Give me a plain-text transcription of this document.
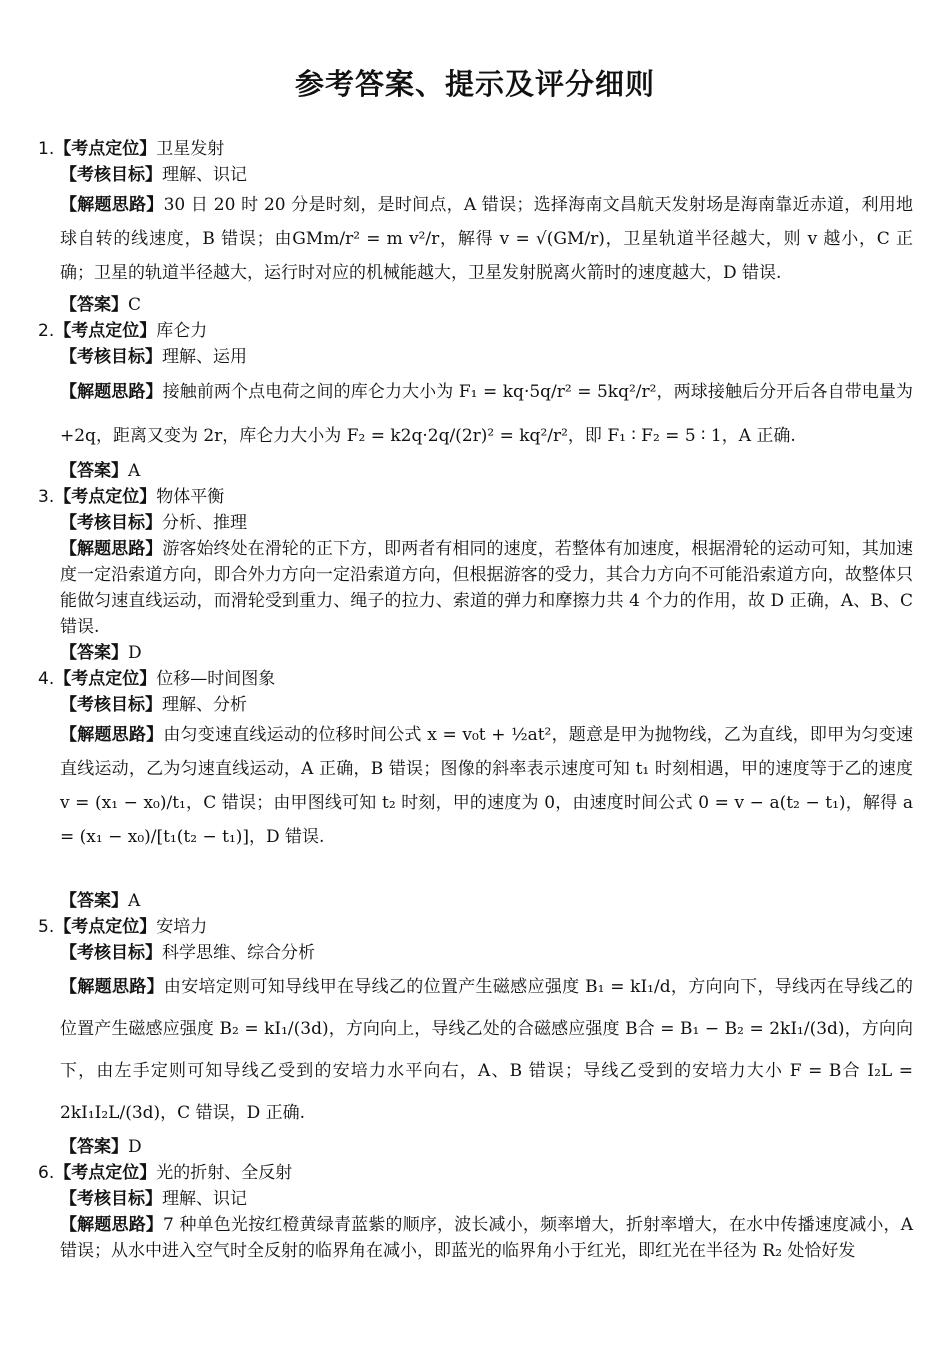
参考答案、提示及评分细则
1.【考点定位】卫星发射
【考核目标】理解、识记
【解题思路】30 日 20 时 20 分是时刻，是时间点，A 错误；选择海南文昌航天发射场是海南靠近赤道，利用地球自转的线速度，B 错误；由GMm/r² = m v²/r，解得 v = √(GM/r)，卫星轨道半径越大，则 v 越小，C 正确；卫星的轨道半径越大，运行时对应的机械能越大，卫星发射脱离火箭时的速度越大，D 错误.
【答案】C
2.【考点定位】库仑力
【考核目标】理解、运用
【解题思路】接触前两个点电荷之间的库仑力大小为 F₁ = kq·5q/r² = 5kq²/r²，两球接触后分开后各自带电量为 +2q，距离又变为 2r，库仑力大小为 F₂ = k2q·2q/(2r)² = kq²/r²，即 F₁ ∶ F₂ = 5 ∶ 1，A 正确.
【答案】A
3.【考点定位】物体平衡
【考核目标】分析、推理
【解题思路】游客始终处在滑轮的正下方，即两者有相同的速度，若整体有加速度，根据滑轮的运动可知，其加速度一定沿索道方向，即合外力方向一定沿索道方向，但根据游客的受力，其合力方向不可能沿索道方向，故整体只能做匀速直线运动，而滑轮受到重力、绳子的拉力、索道的弹力和摩擦力共 4 个力的作用，故 D 正确，A、B、C 错误.
【答案】D
4.【考点定位】位移—时间图象
【考核目标】理解、分析
【解题思路】由匀变速直线运动的位移时间公式 x = v₀t + ½at²，题意是甲为抛物线，乙为直线，即甲为匀变速直线运动，乙为匀速直线运动，A 正确，B 错误；图像的斜率表示速度可知 t₁ 时刻相遇，甲的速度等于乙的速度 v = (x₁ − x₀)/t₁，C 错误；由甲图线可知 t₂ 时刻，甲的速度为 0，由速度时间公式 0 = v − a(t₂ − t₁)，解得 a = (x₁ − x₀)/[t₁(t₂ − t₁)]，D 错误.
【答案】A
5.【考点定位】安培力
【考核目标】科学思维、综合分析
【解题思路】由安培定则可知导线甲在导线乙的位置产生磁感应强度 B₁ = kI₁/d，方向向下，导线丙在导线乙的位置产生磁感应强度 B₂ = kI₁/(3d)，方向向上，导线乙处的合磁感应强度 B合 = B₁ − B₂ = 2kI₁/(3d)，方向向下，由左手定则可知导线乙受到的安培力水平向右，A、B 错误；导线乙受到的安培力大小 F = B合 I₂L = 2kI₁I₂L/(3d)，C 错误，D 正确.
【答案】D
6.【考点定位】光的折射、全反射
【考核目标】理解、识记
【解题思路】7 种单色光按红橙黄绿青蓝紫的顺序，波长减小，频率增大，折射率增大，在水中传播速度减小，A 错误；从水中进入空气时全反射的临界角在减小，即蓝光的临界角小于红光，即红光在半径为 R₂ 处恰好发
